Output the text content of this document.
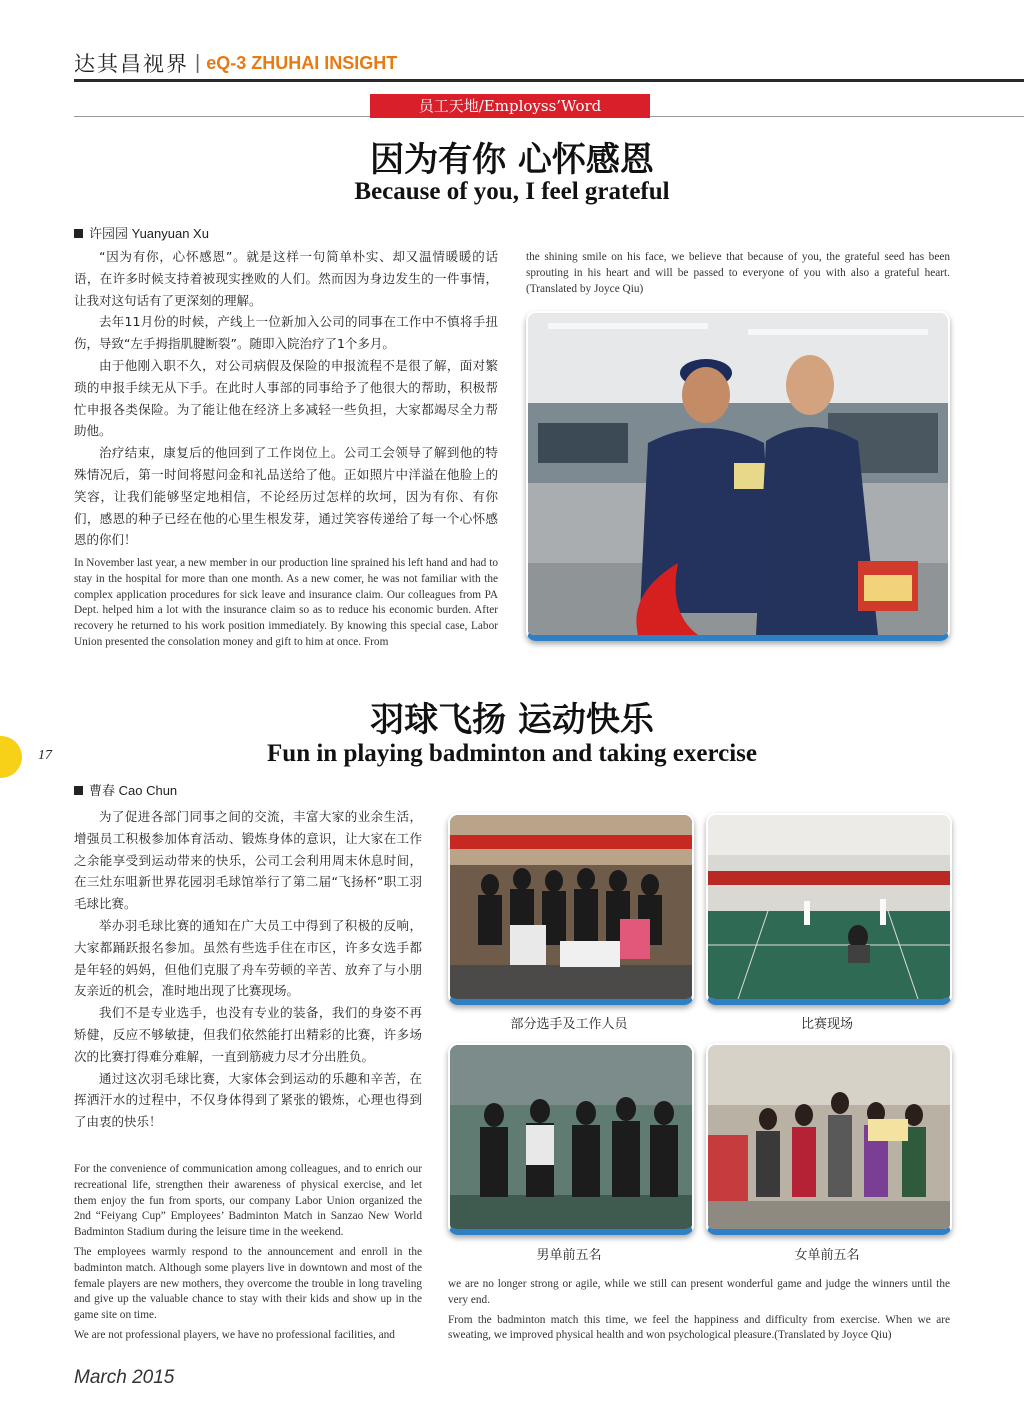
达其昌视界 | eQ-3 ZHUHAI INSIGHT
员工天地/Employss’Word
因为有你 心怀感恩
Because of you, I feel grateful
许园园 Yuanyuan Xu

“因为有你，心怀感恩”。就是这样一句简单朴实、却又温情暖暖的话语，在许多时候支持着被现实挫败的人们。然而因为身边发生的一件事情，让我对这句话有了更深刻的理解。

去年11月份的时候，产线上一位新加入公司的同事在工作中不慎将手扭伤，导致“左手拇指肌腱断裂”。随即入院治疗了1个多月。

由于他刚入职不久，对公司病假及保险的申报流程不是很了解，面对繁琐的申报手续无从下手。在此时人事部的同事给予了他很大的帮助，积极帮忙申报各类保险。为了能让他在经济上多减轻一些负担，大家都竭尽全力帮助他。

治疗结束，康复后的他回到了工作岗位上。公司工会领导了解到他的特殊情况后，第一时间将慰问金和礼品送给了他。正如照片中洋溢在他脸上的笑容，让我们能够坚定地相信，不论经历过怎样的坎坷，因为有你、有你们，感恩的种子已经在他的心里生根发芽，通过笑容传递给了每一个心怀感恩的你们！

In November last year, a new member in our production line sprained his left hand and had to stay in the hospital for more than one month. As a new comer, he was not familiar with the complex application procedures for sick leave and insurance claim. Our colleagues from PA Dept. helped him a lot with the insurance claim so as to reduce his economic burden. After recovery he returned to his work position immediately. By knowing this special case, Labor Union presented the consolation money and gift to him at once. From

the shining smile on his face, we believe that because of you, the grateful seed has been sprouting in his heart and will be passed to everyone of you with also a grateful heart. (Translated by Joyce Qiu)

17
羽球飞扬 运动快乐
Fun in playing badminton and taking exercise
曹春 Cao Chun

为了促进各部门同事之间的交流，丰富大家的业余生活，增强员工积极参加体育活动、锻炼身体的意识，让大家在工作之余能享受到运动带来的快乐，公司工会利用周末休息时间，在三灶东咀新世界花园羽毛球馆举行了第二届“飞扬杯”职工羽毛球比赛。

举办羽毛球比赛的通知在广大员工中得到了积极的反响，大家都踊跃报名参加。虽然有些选手住在市区，许多女选手都是年轻的妈妈，但他们克服了舟车劳顿的辛苦、放弃了与小朋友亲近的机会，准时地出现了比赛现场。

我们不是专业选手，也没有专业的装备，我们的身姿不再矫健，反应不够敏捷，但我们依然能打出精彩的比赛，许多场次的比赛打得难分难解，一直到筋疲力尽才分出胜负。

通过这次羽毛球比赛，大家体会到运动的乐趣和辛苦，在挥洒汗水的过程中，不仅身体得到了紧张的锻炼，心理也得到了由衷的快乐！

For the convenience of communication among colleagues, and to enrich our recreational life, strengthen their awareness of physical exercise, and let them enjoy the fun from sports, our company Labor Union organized the 2nd “Feiyang Cup” Employees’ Badminton Match in Sanzao New World Badminton Stadium during the leisure time in the weekend.

The employees warmly respond to the announcement and enroll in the badminton match. Although some players live in downtown and most of the female players are new mothers, they overcome the trouble in long traveling and give up the valuable chance to stay with their kids and show up in the game site on time.

We are not professional players, we have no professional facilities, and

we are no longer strong or agile, while we still can present wonderful game and judge the winners until the very end.

From the badminton match this time, we feel the happiness and difficulty from exercise. When we are sweating, we improved physical health and won psychological pleasure.(Translated by Joyce Qiu)

部分选手及工作人员	比赛现场
男单前五名	女单前五名
March 2015
